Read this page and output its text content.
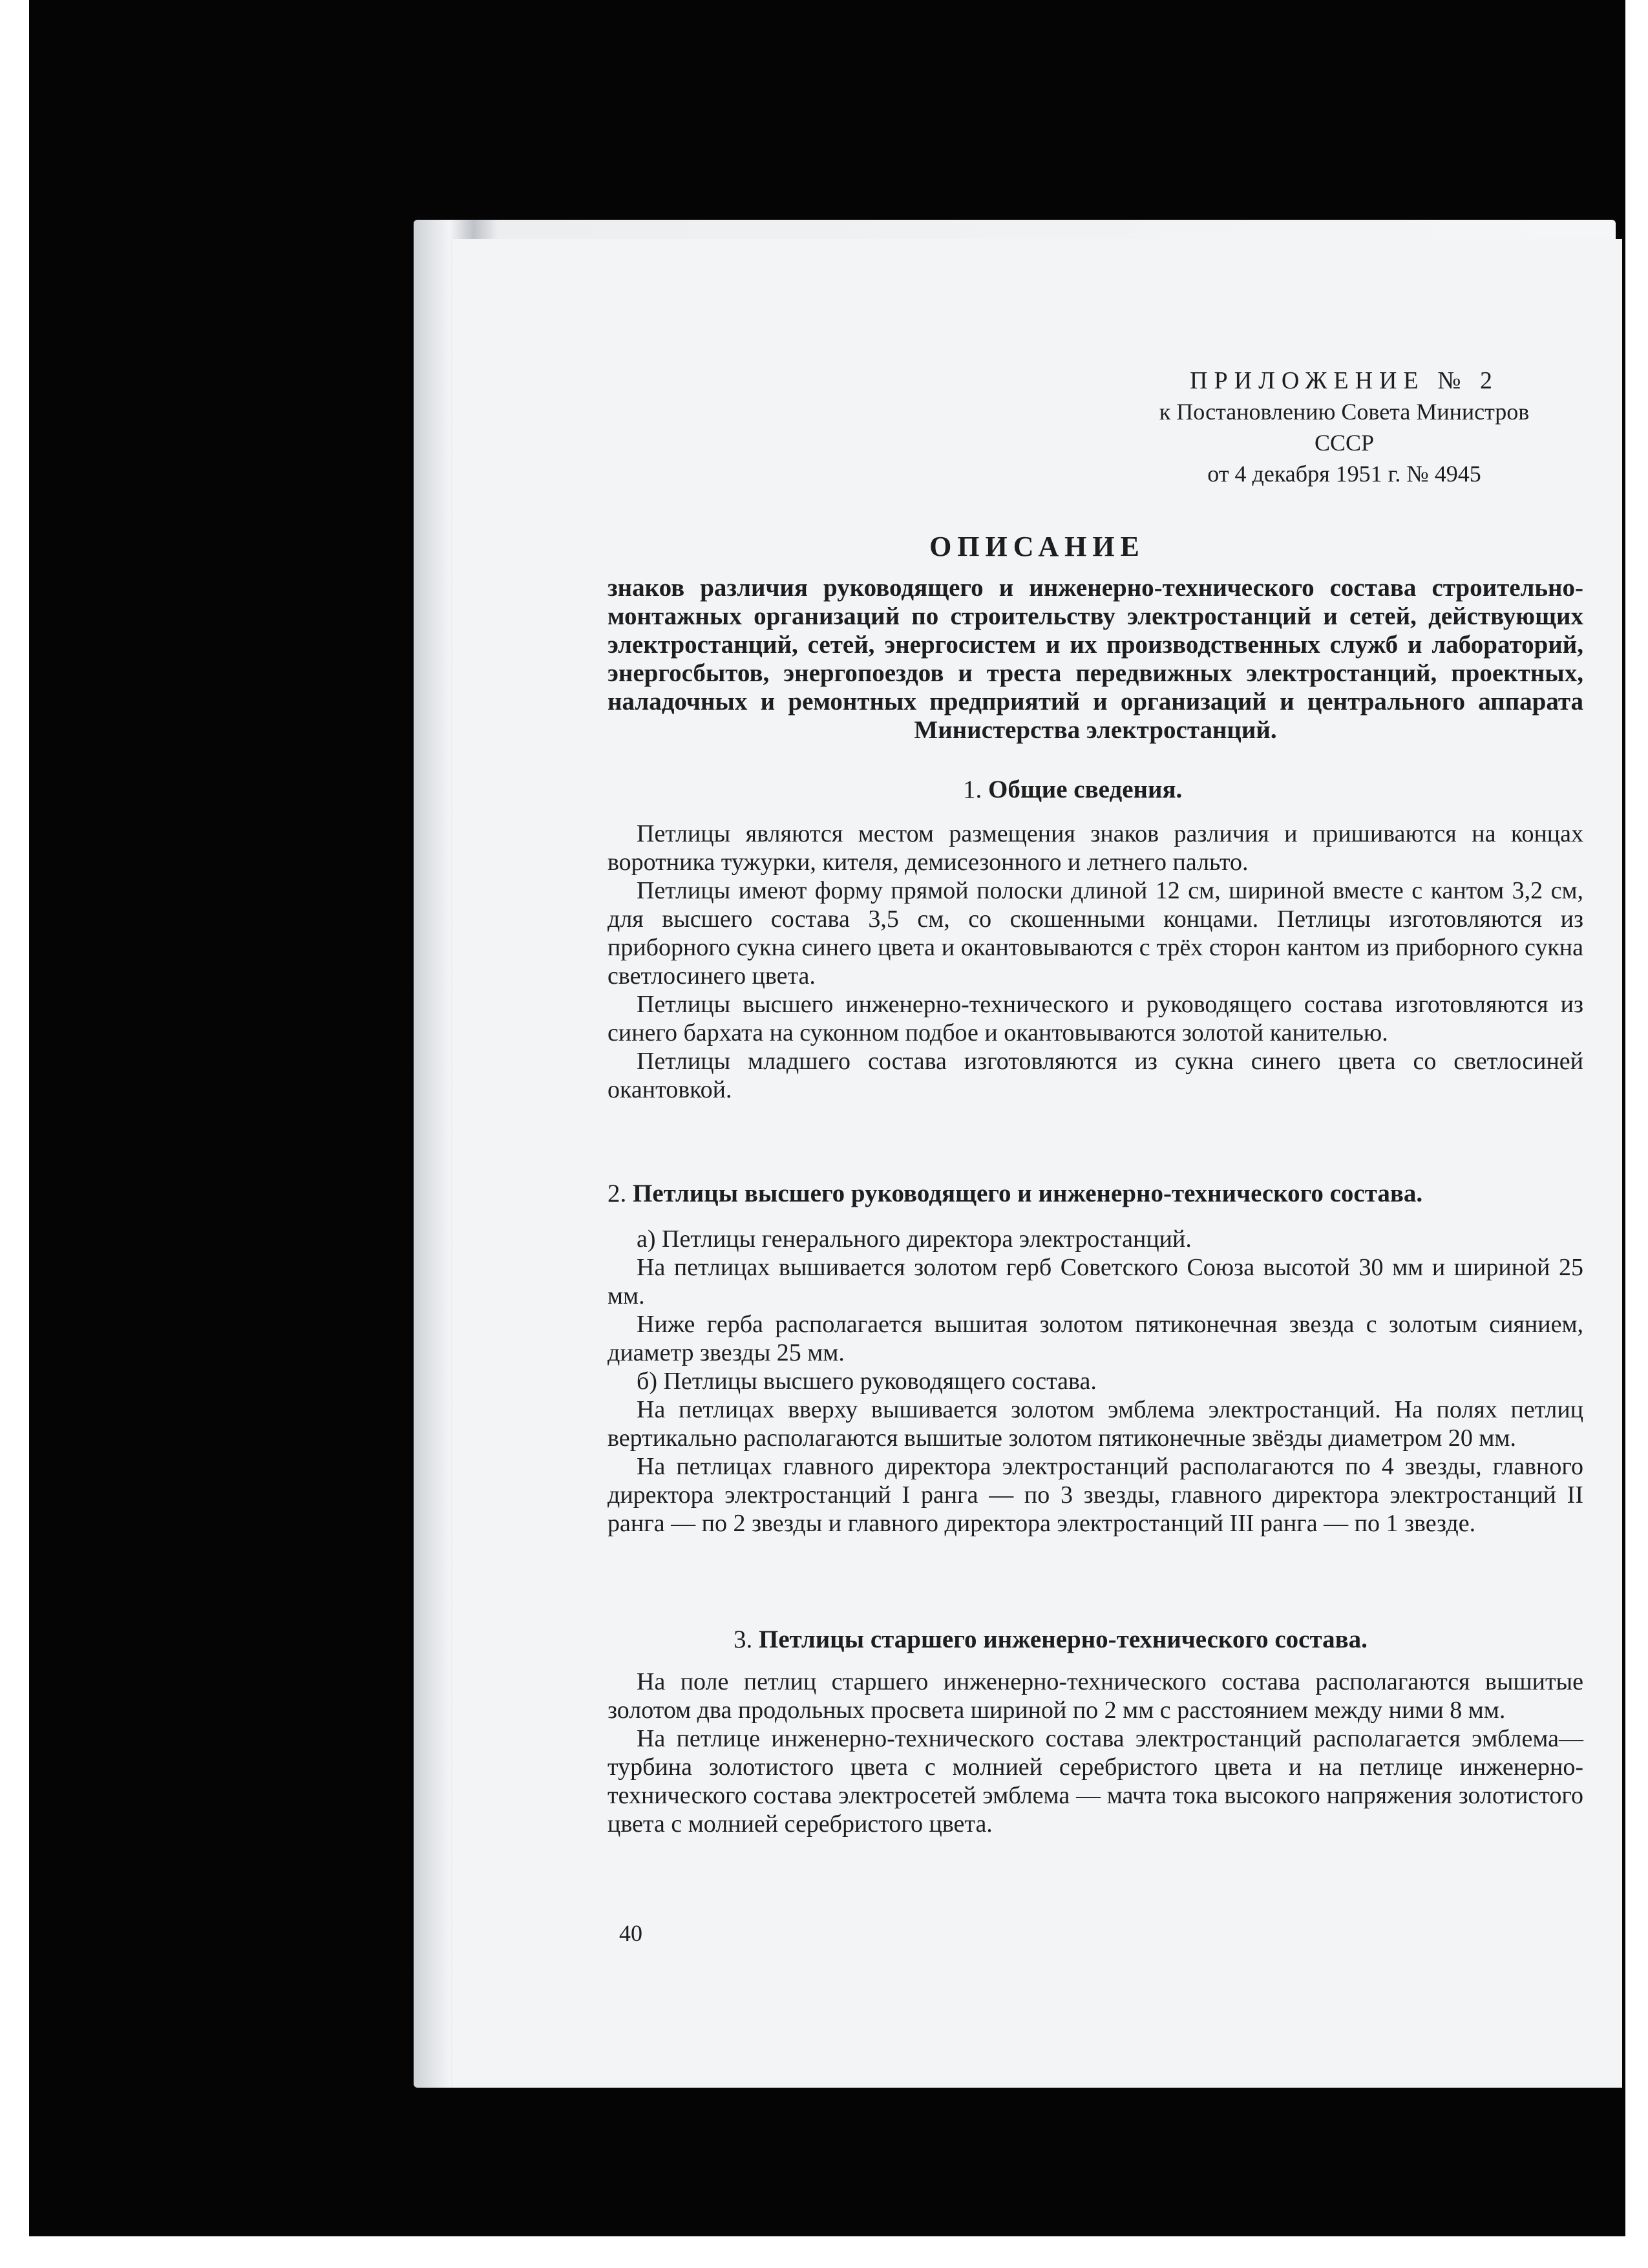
ПРИЛОЖЕНИЕ № 2
к Постановлению Совета Министров
СССР
от 4 декабря 1951 г. № 4945
ОПИСАНИЕ
знаков различия руководящего и инженерно-технического состава строительно-монтажных организаций по строительству электростанций и сетей, действующих электростанций, сетей, энергосистем и их производственных служб и лабораторий, энергосбытов, энергопоездов и треста передвижных электростанций, проектных, наладочных и ремонтных предприятий и организаций и центрального аппарата Министерства электростанций.
1. Общие сведения.

Петлицы являются местом размещения знаков различия и пришиваются на концах воротника тужурки, кителя, демисезонного и летнего пальто.

Петлицы имеют форму прямой полоски длиной 12 см, шириной вместе с кантом 3,2 см, для высшего состава 3,5 см, со скошенными концами. Петлицы изготовляются из приборного сукна синего цвета и окантовываются с трёх сторон кантом из приборного сукна светлосинего цвета.

Петлицы высшего инженерно-технического и руководящего состава изготовляются из синего бархата на суконном подбое и окантовываются золотой канителью.

Петлицы младшего состава изготовляются из сукна синего цвета со светлосиней окантовкой.

2. Петлицы высшего руководящего и инженерно-технического состава.

а) Петлицы генерального директора электростанций.

На петлицах вышивается золотом герб Советского Союза высотой 30 мм и шириной 25 мм.

Ниже герба располагается вышитая золотом пятиконечная звезда с золотым сиянием, диаметр звезды 25 мм.

б) Петлицы высшего руководящего состава.

На петлицах вверху вышивается золотом эмблема электростанций. На полях петлиц вертикально располагаются вышитые золотом пятиконечные звёзды диаметром 20 мм.

На петлицах главного директора электростанций располагаются по 4 звезды, главного директора электростанций I ранга — по 3 звезды, главного директора электростанций II ранга — по 2 звезды и главного директора электростанций III ранга — по 1 звезде.

3. Петлицы старшего инженерно-технического состава.

На поле петлиц старшего инженерно-технического состава располагаются вышитые золотом два продольных просвета шириной по 2 мм с расстоянием между ними 8 мм.

На петлице инженерно-технического состава электростанций располагается эмблема—турбина золотистого цвета с молнией серебристого цвета и на петлице инженерно-технического состава электросетей эмблема — мачта тока высокого напряжения золотистого цвета с молнией серебристого цвета.

40
